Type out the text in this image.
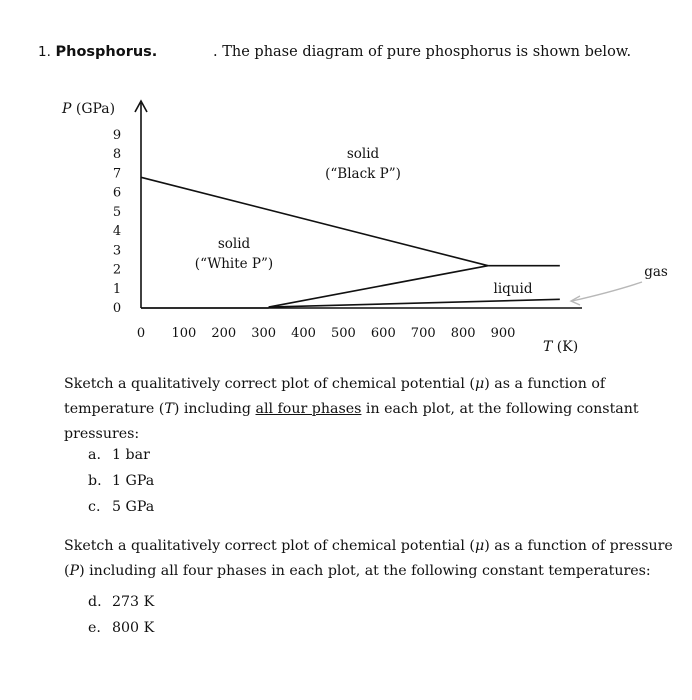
1. Phosphorus.	. The phase diagram of pure phosphorus is shown below.
P (GPa)
T (K)
0
1
2
3
4
5
6
7
8
9
0 100 200 300 400 500 600 700 800 900
solid
(“Black P”)
solid
(“White P”)
liquid
gas
Sketch a qualitatively correct plot of chemical potential (μ) as a function of temperature (T) including all four phases in each plot, at the following constant pressures:
a. 1 bar
b. 1 GPa
c. 5 GPa
Sketch a qualitatively correct plot of chemical potential (μ) as a function of pressure (P) including all four phases in each plot, at the following constant temperatures:
d. 273 K
e. 800 K
